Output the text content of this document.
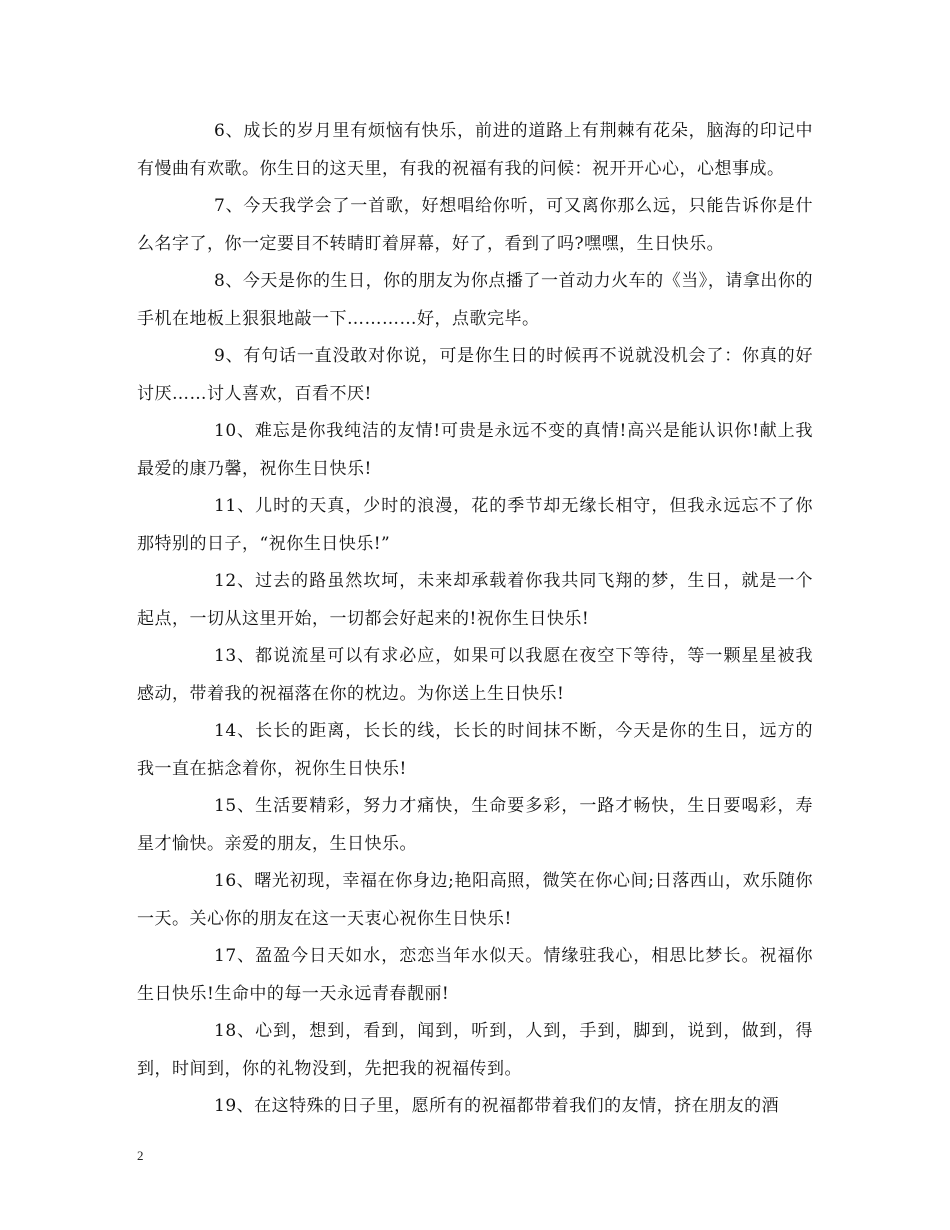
6、成长的岁月里有烦恼有快乐，前进的道路上有荆棘有花朵，脑海的印记中有慢曲有欢歌。你生日的这天里，有我的祝福有我的问候：祝开开心心，心想事成。

7、今天我学会了一首歌，好想唱给你听，可又离你那么远，只能告诉你是什么名字了，你一定要目不转睛盯着屏幕，好了，看到了吗?嘿嘿，生日快乐。

8、今天是你的生日，你的朋友为你点播了一首动力火车的《当》，请拿出你的手机在地板上狠狠地敲一下…………好，点歌完毕。

9、有句话一直没敢对你说，可是你生日的时候再不说就没机会了：你真的好讨厌……讨人喜欢，百看不厌!

10、难忘是你我纯洁的友情!可贵是永远不变的真情!高兴是能认识你!献上我最爱的康乃馨，祝你生日快乐!

11、儿时的天真，少时的浪漫，花的季节却无缘长相守，但我永远忘不了你那特别的日子，“祝你生日快乐!”

12、过去的路虽然坎坷，未来却承载着你我共同飞翔的梦，生日，就是一个起点，一切从这里开始，一切都会好起来的!祝你生日快乐!

13、都说流星可以有求必应，如果可以我愿在夜空下等待，等一颗星星被我感动，带着我的祝福落在你的枕边。为你送上生日快乐!

14、长长的距离，长长的线，长长的时间抹不断，今天是你的生日，远方的我一直在掂念着你，祝你生日快乐!

15、生活要精彩，努力才痛快，生命要多彩，一路才畅快，生日要喝彩，寿星才愉快。亲爱的朋友，生日快乐。

16、曙光初现，幸福在你身边;艳阳高照，微笑在你心间;日落西山，欢乐随你一天。关心你的朋友在这一天衷心祝你生日快乐!

17、盈盈今日天如水，恋恋当年水似天。情缘驻我心，相思比梦长。祝福你生日快乐!生命中的每一天永远青春靓丽!

18、心到，想到，看到，闻到，听到，人到，手到，脚到，说到，做到，得到，时间到，你的礼物没到，先把我的祝福传到。

19、在这特殊的日子里，愿所有的祝福都带着我们的友情，挤在朋友的酒

2
